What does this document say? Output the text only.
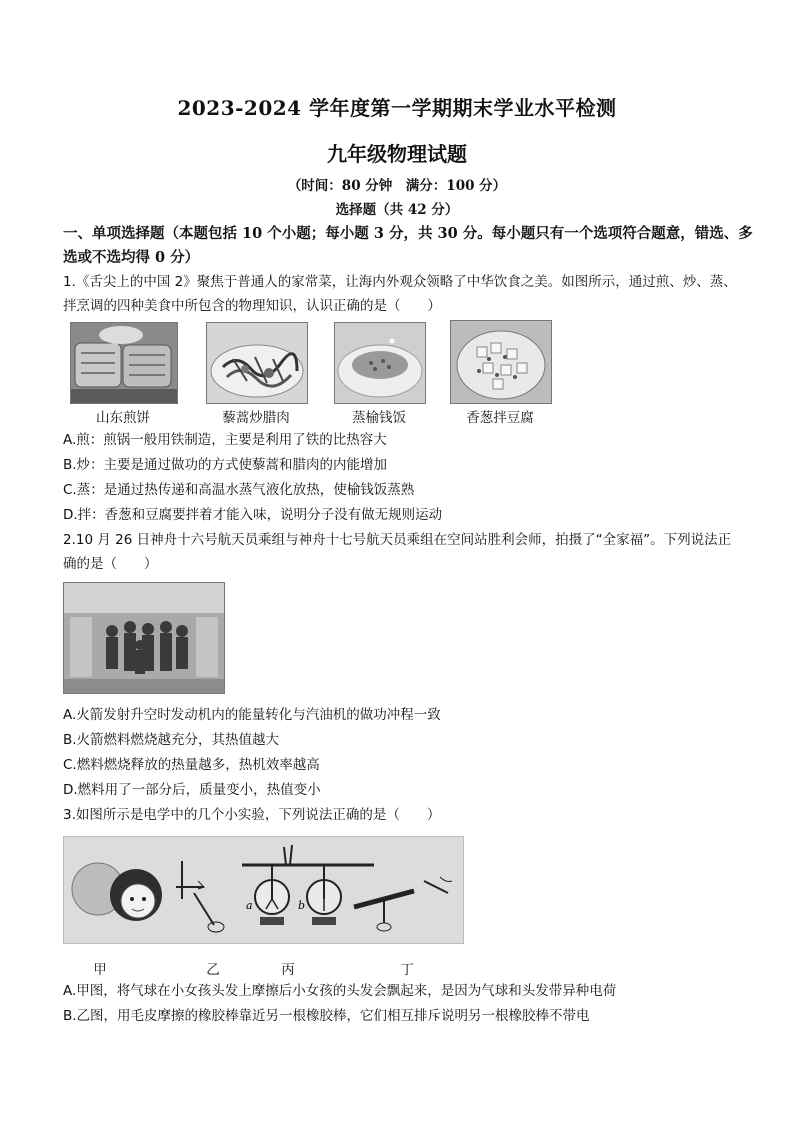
2023-2024 学年度第一学期期末学业水平检测
九年级物理试题
（时间：80 分钟　满分：100 分）
选择题（共 42 分）
一、单项选择题（本题包括 10 个小题；每小题 3 分，共 30 分。每小题只有一个选项符合题意，错选、多选或不选均得 0 分）
1.《舌尖上的中国 2》聚焦于普通人的家常菜，让海内外观众领略了中华饮食之美。如图所示，通过煎、炒、蒸、拌烹调的四种美食中所包含的物理知识，认识正确的是（　　）
山东煎饼	藜蒿炒腊肉	蒸榆钱饭	香葱拌豆腐
A.煎：煎锅一般用铁制造，主要是利用了铁的比热容大
B.炒：主要是通过做功的方式使藜蒿和腊肉的内能增加
C.蒸：是通过热传递和高温水蒸气液化放热，使榆钱饭蒸熟
D.拌：香葱和豆腐要拌着才能入味，说明分子没有做无规则运动
2.10 月 26 日神舟十六号航天员乘组与神舟十七号航天员乘组在空间站胜利会师，拍摄了“全家福”。下列说法正确的是（　　）
A.火箭发射升空时发动机内的能量转化与汽油机的做功冲程一致
B.火箭燃料燃烧越充分，其热值越大
C.燃料燃烧释放的热量越多，热机效率越高
D.燃料用了一部分后，质量变小，热值变小
3.如图所示是电学中的几个小实验，下列说法正确的是（　　）
a	b
甲	乙	丙	丁
A.甲图，将气球在小女孩头发上摩擦后小女孩的头发会飘起来，是因为气球和头发带异种电荷
B.乙图，用毛皮摩擦的橡胶棒靠近另一根橡胶棒，它们相互排斥说明另一根橡胶棒不带电
